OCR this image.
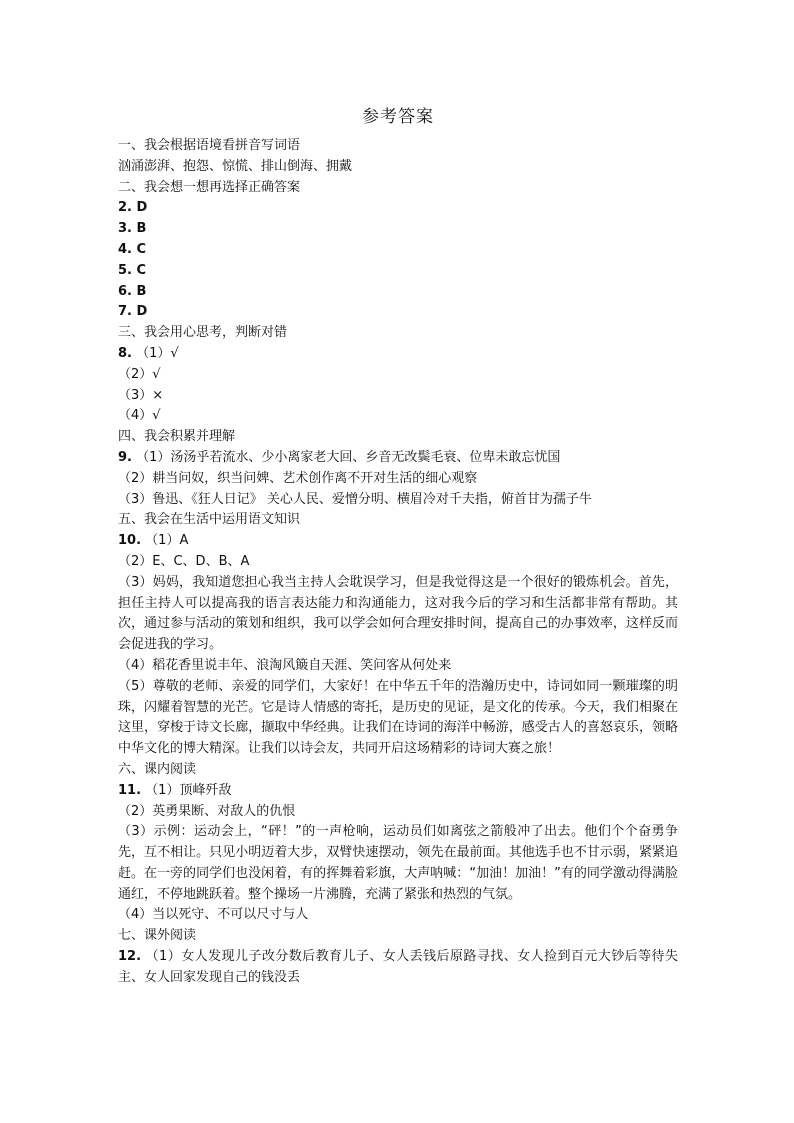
参考答案
一、我会根据语境看拼音写词语
汹涌澎湃、抱怨、惊慌、排山倒海、拥戴
二、我会想一想再选择正确答案
2. D
3. B
4. C
5. C
6. B
7. D
三、我会用心思考，判断对错
8. （1）√
（2）√
（3）×
（4）√
四、我会积累并理解
9. （1）汤汤乎若流水、少小离家老大回、乡音无改鬓毛衰、位卑未敢忘忧国
（2）耕当问奴，织当问婢、艺术创作离不开对生活的细心观察
（3）鲁迅、《狂人日记》 关心人民、爱憎分明、横眉冷对千夫指，俯首甘为孺子牛
五、我会在生活中运用语文知识
10. （1）A
（2）E、C、D、B、A
（3）妈妈，我知道您担心我当主持人会耽误学习，但是我觉得这是一个很好的锻炼机会。首先，担任主持人可以提高我的语言表达能力和沟通能力，这对我今后的学习和生活都非常有帮助。其次，通过参与活动的策划和组织，我可以学会如何合理安排时间，提高自己的办事效率，这样反而会促进我的学习。
（4）稻花香里说丰年、浪淘风簸自天涯、笑问客从何处来
（5）尊敬的老师、亲爱的同学们，大家好！在中华五千年的浩瀚历史中，诗词如同一颗璀璨的明珠，闪耀着智慧的光芒。它是诗人情感的寄托，是历史的见证，是文化的传承。今天，我们相聚在这里，穿梭于诗文长廊，撷取中华经典。让我们在诗词的海洋中畅游，感受古人的喜怒哀乐，领略中华文化的博大精深。让我们以诗会友，共同开启这场精彩的诗词大赛之旅！
六、课内阅读
11. （1）顶峰歼敌
（2）英勇果断、对敌人的仇恨
（3）示例：运动会上，“砰！”的一声枪响，运动员们如离弦之箭般冲了出去。他们个个奋勇争先，互不相让。只见小明迈着大步，双臂快速摆动，领先在最前面。其他选手也不甘示弱，紧紧追赶。在一旁的同学们也没闲着，有的挥舞着彩旗，大声呐喊：“加油！加油！”有的同学激动得满脸通红，不停地跳跃着。整个操场一片沸腾，充满了紧张和热烈的气氛。
（4）当以死守、不可以尺寸与人
七、课外阅读
12. （1）女人发现儿子改分数后教育儿子、女人丢钱后原路寻找、女人捡到百元大钞后等待失主、女人回家发现自己的钱没丢
